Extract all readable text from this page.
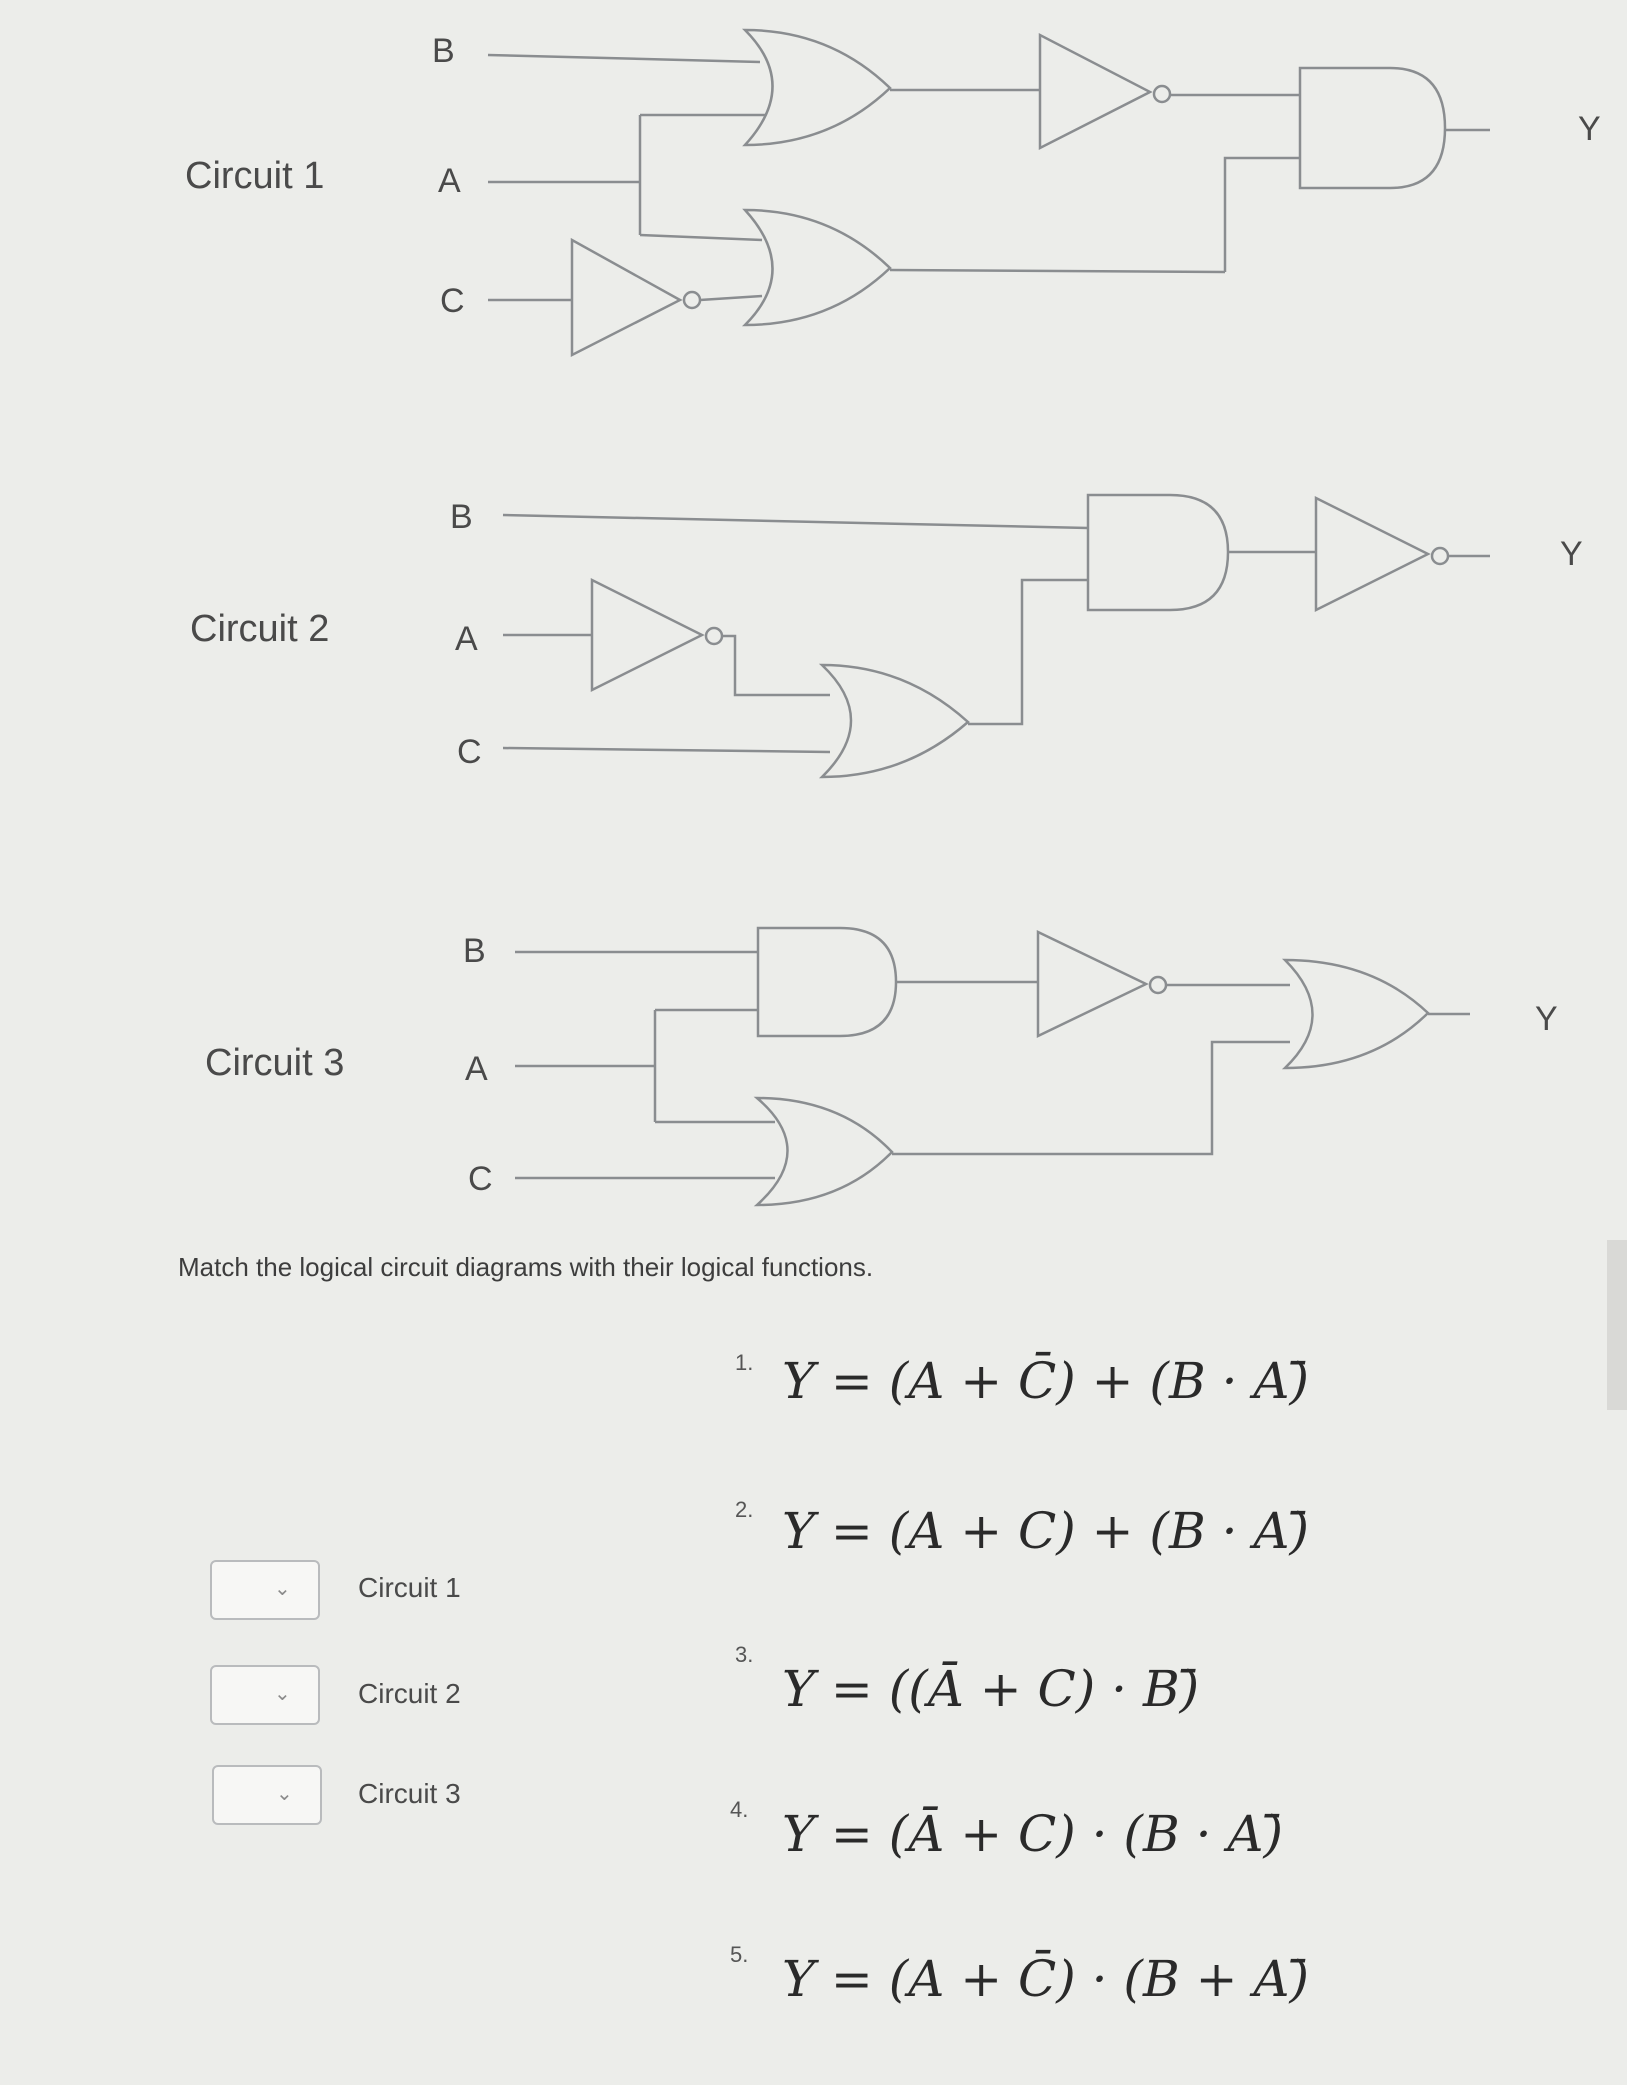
Circuit 1
Circuit 2
Circuit 3
B
A
C
Y
B
A
C
Y
B
A
C
Y
Match the logical circuit diagrams with their logical functions.
⌄ Circuit 1
⌄ Circuit 2
⌄ Circuit 3
1. Y = (A + C̄) + (B · A)̄
2. Y = (A + C) + (B · A)̄
3.
Y = ((Ā + C) · B)̄
4. Y = (Ā + C) · (B · A)̄
5. Y = (A + C̄) · (B + A)̄
